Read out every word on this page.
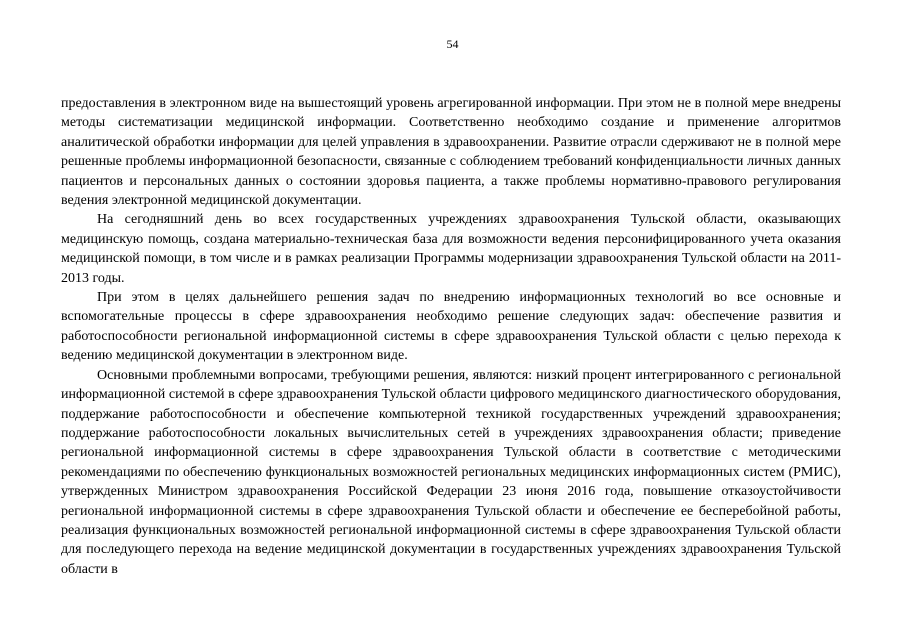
54

предоставления в электронном виде на вышестоящий уровень агрегированной информации. При этом не в полной мере внедрены методы систематизации медицинской информации. Соответственно необходимо создание и применение алгоритмов аналитической обработки информации для целей управления в здравоохранении. Развитие отрасли сдерживают не в полной мере решенные проблемы информационной безопасности, связанные с соблюдением требований конфиденциальности личных данных пациентов и персональных данных о состоянии здоровья пациента, а также проблемы нормативно-правового регулирования ведения электронной медицинской документации.

На сегодняшний день во всех государственных учреждениях здравоохранения Тульской области, оказывающих медицинскую помощь, создана материально-техническая база для возможности ведения персонифицированного учета оказания медицинской помощи, в том числе и в рамках реализации Программы модернизации здравоохранения Тульской области на 2011-2013 годы.

При этом в целях дальнейшего решения задач по внедрению информационных технологий во все основные и вспомогательные процессы в сфере здравоохранения необходимо решение следующих задач: обеспечение развития и работоспособности региональной информационной системы в сфере здравоохранения Тульской области с целью перехода к ведению медицинской документации в электронном виде.

Основными проблемными вопросами, требующими решения, являются: низкий процент интегрированного с региональной информационной системой в сфере здравоохранения Тульской области цифрового медицинского диагностического оборудования, поддержание работоспособности и обеспечение компьютерной техникой государственных учреждений здравоохранения; поддержание работоспособности локальных вычислительных сетей в учреждениях здравоохранения области; приведение региональной информационной системы в сфере здравоохранения Тульской области в соответствие с методическими рекомендациями по обеспечению функциональных возможностей региональных медицинских информационных систем (РМИС), утвержденных Министром здравоохранения Российской Федерации 23 июня 2016 года, повышение отказоустойчивости региональной информационной системы в сфере здравоохранения Тульской области и обеспечение ее бесперебойной работы, реализация функциональных возможностей региональной информационной системы в сфере здравоохранения Тульской области для последующего перехода на ведение медицинской документации в государственных учреждениях здравоохранения Тульской области в
